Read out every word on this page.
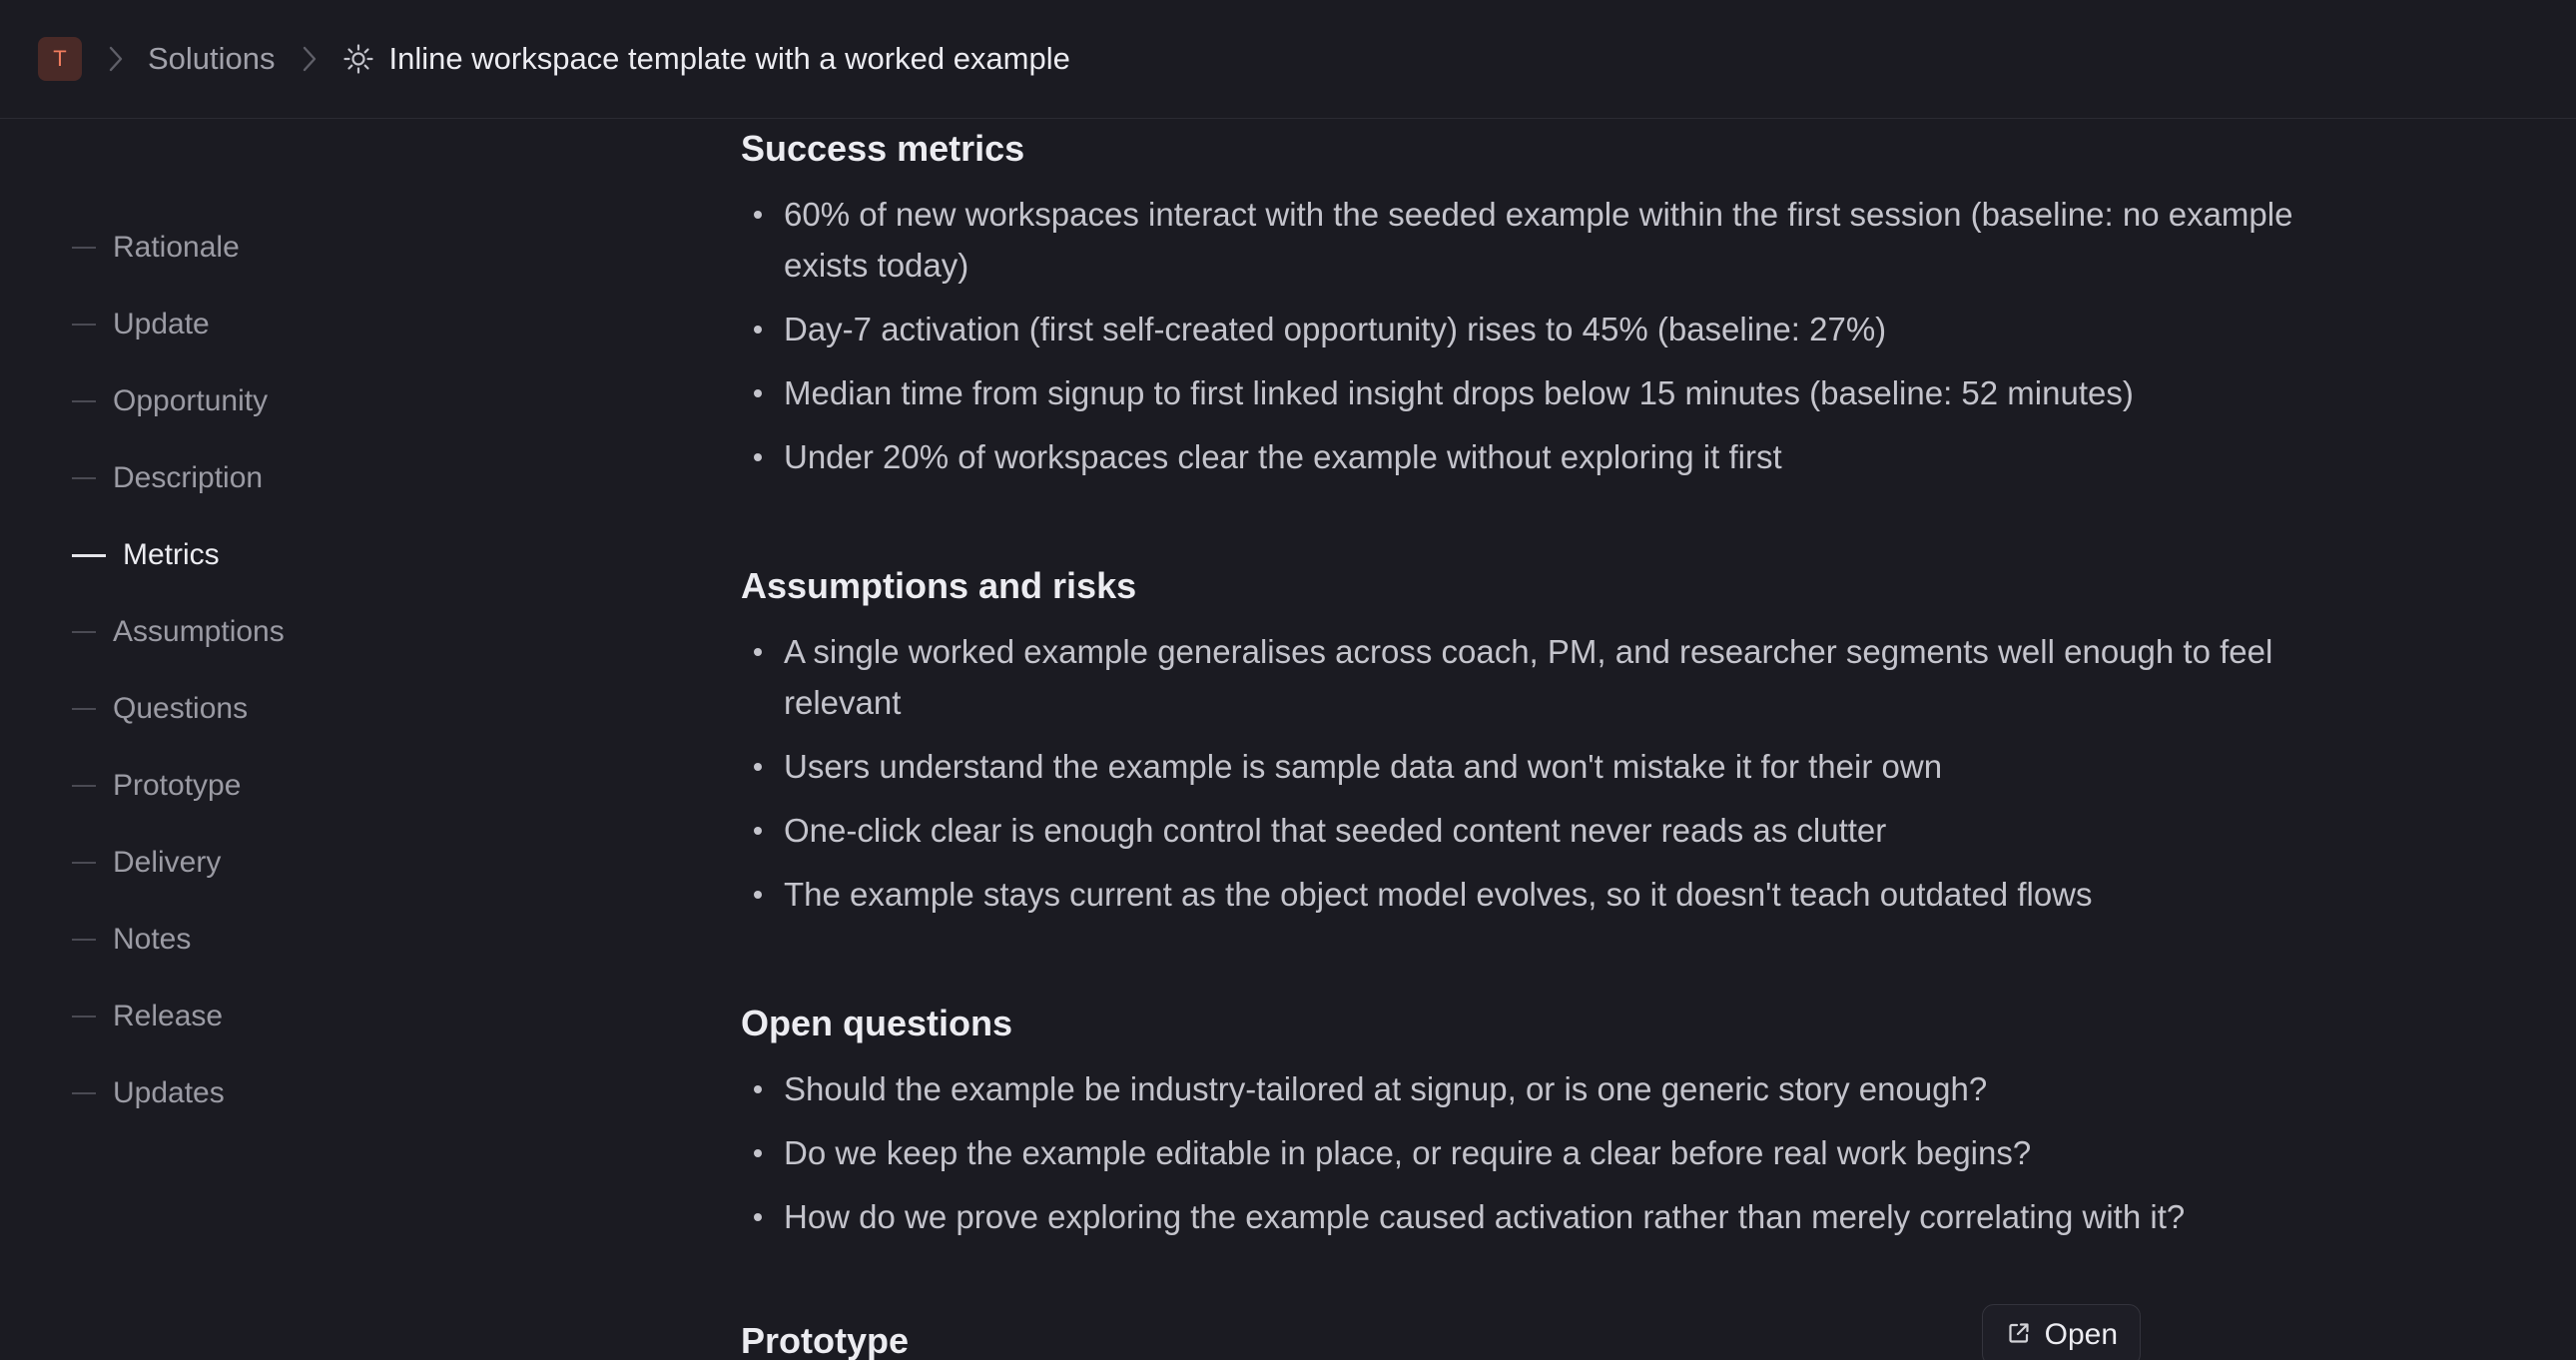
T	Solutions	Inline workspace template with a worked example
Rationale
Update
Opportunity
Description
Metrics
Assumptions
Questions
Prototype
Delivery
Notes
Release
Updates
Success metrics
60% of new workspaces interact with the seeded example within the first session (baseline: no example exists today)
Day-7 activation (first self-created opportunity) rises to 45% (baseline: 27%)
Median time from signup to first linked insight drops below 15 minutes (baseline: 52 minutes)
Under 20% of workspaces clear the example without exploring it first
Assumptions and risks
A single worked example generalises across coach, PM, and researcher segments well enough to feel relevant
Users understand the example is sample data and won't mistake it for their own
One-click clear is enough control that seeded content never reads as clutter
The example stays current as the object model evolves, so it doesn't teach outdated flows
Open questions
Should the example be industry-tailored at signup, or is one generic story enough?
Do we keep the example editable in place, or require a clear before real work begins?
How do we prove exploring the example caused activation rather than merely correlating with it?
Prototype	Open
